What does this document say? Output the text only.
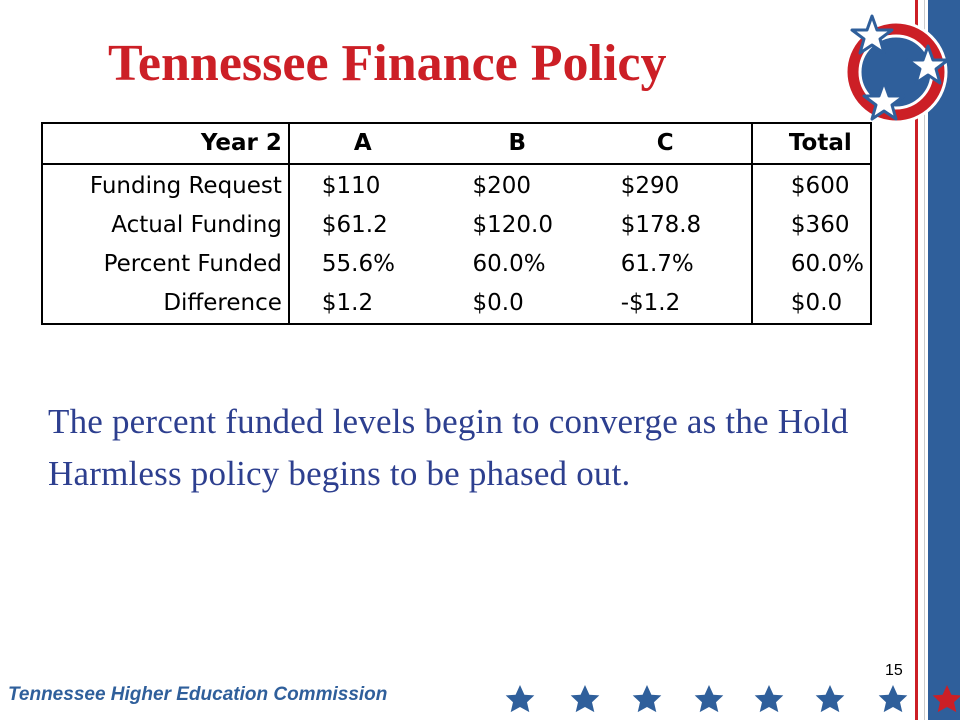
Tennessee Finance Policy
Year 2	A	B	C	Total
Funding Request	$110	$200	$290	$600
Actual Funding	$61.2	$120.0	$178.8	$360
Percent Funded	55.6%	60.0%	61.7%	60.0%
Difference	$1.2	$0.0	-$1.2	$0.0
The percent funded levels begin to converge as the Hold Harmless policy begins to be phased out.
15
Tennessee Higher Education Commission
